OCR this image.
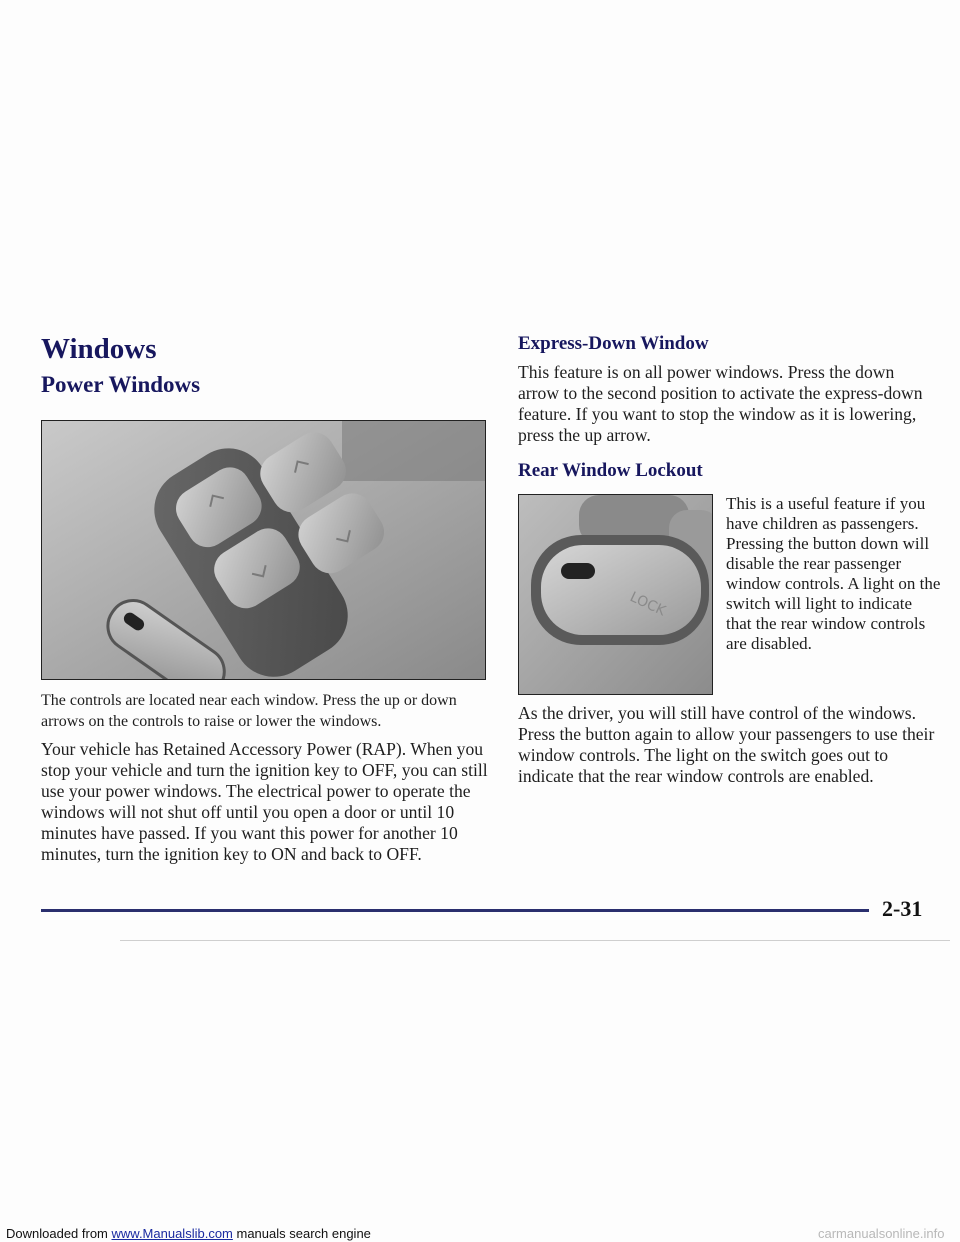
Windows
Power Windows
The controls are located near each window. Press the up or down arrows on the controls to raise or lower the windows.
Your vehicle has Retained Accessory Power (RAP). When you stop your vehicle and turn the ignition key to OFF, you can still use your power windows. The electrical power to operate the windows will not shut off until you open a door or until 10 minutes have passed. If you want this power for another 10 minutes, turn the ignition key to ON and back to OFF.
Express-Down Window
This feature is on all power windows. Press the down arrow to the second position to activate the express-down feature. If you want to stop the window as it is lowering, press the up arrow.
Rear Window Lockout
LOCK
This is a useful feature if you have children as passengers. Pressing the button down will disable the rear passenger window controls. A light on the switch will light to indicate that the rear window controls are disabled.
As the driver, you will still have control of the windows. Press the button again to allow your passengers to use their window controls. The light on the switch goes out to indicate that the rear window controls are enabled.
2-31
Downloaded from www.Manualslib.com manuals search engine	carmanualsonline.info
